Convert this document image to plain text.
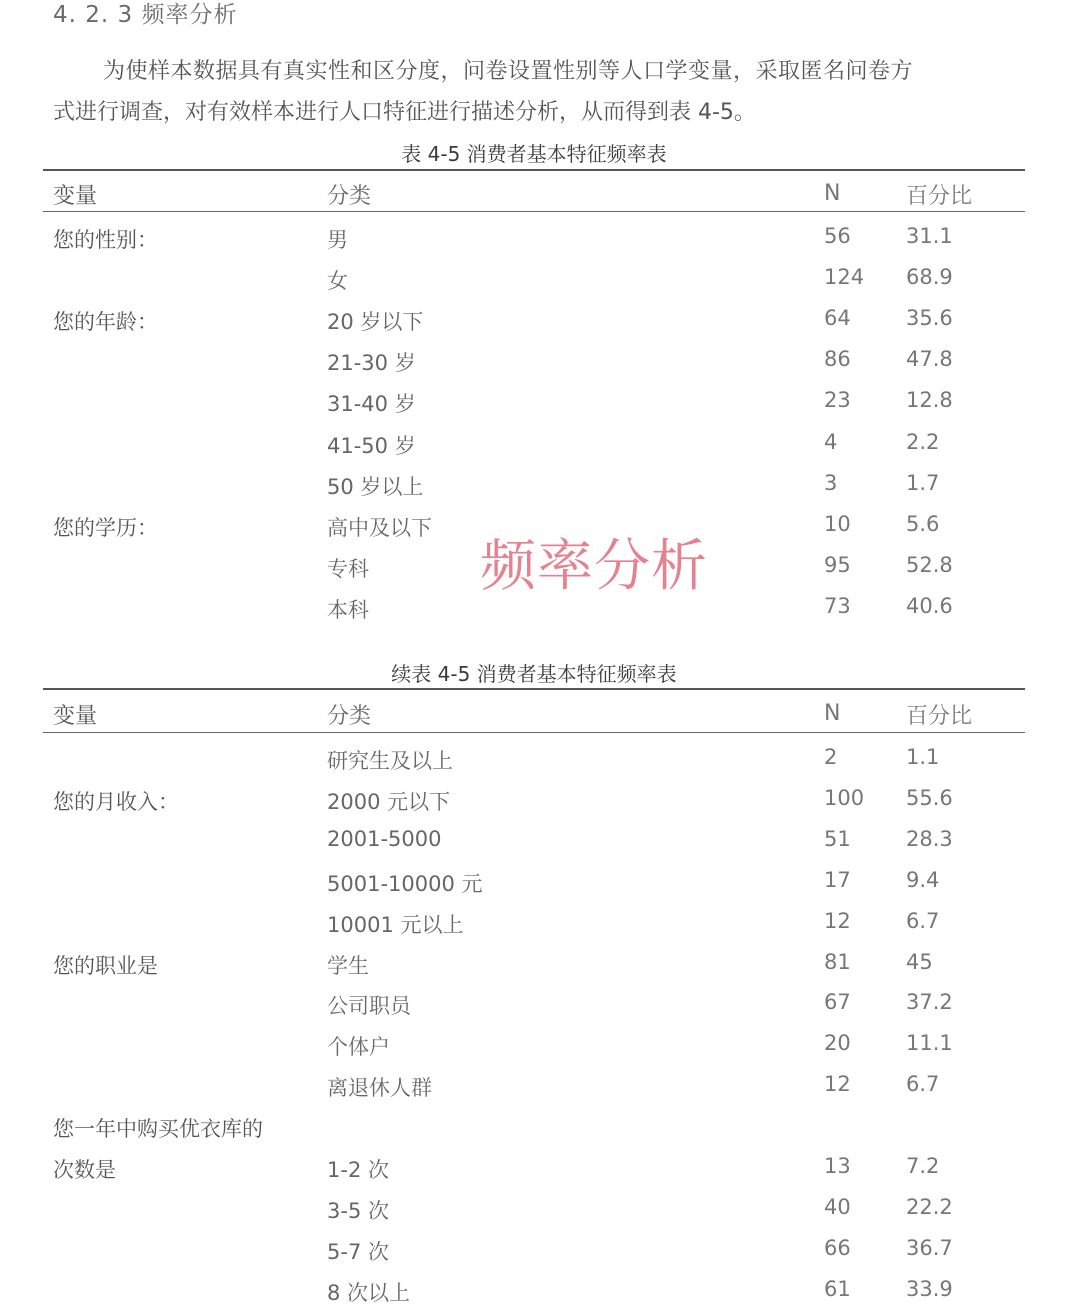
4. 2. 3 频率分析
为使样本数据具有真实性和区分度，问卷设置性别等人口学变量，采取匿名问卷方
式进行调查，对有效样本进行人口特征进行描述分析，从而得到表 4-5。
表 4-5 消费者基本特征频率表
变量	分类	N	百分比
您的性别：	男	56	31.1
女	124 68.9
您的年龄：	20 岁以下	64	35.6
21-30 岁	86	47.8
31-40 岁	23	12.8
41-50 岁	4	2.2
50 岁以上	3	1.7
您的学历：	高中及以下	10	5.6
专科	95	52.8
本科	73	40.6
频率分析
续表 4-5 消费者基本特征频率表
变量	分类	N	百分比
研究生及以上	2	1.1
您的月收入：	2000 元以下	100 55.6
2001-5000	51	28.3
5001-10000 元	17	9.4
10001 元以上	12	6.7
您的职业是	学生	81	45
公司职员	67	37.2
个体户	20	11.1
离退休人群	12	6.7
您一年中购买优衣库的
次数是	1-2 次	13	7.2
3-5 次	40	22.2
5-7 次	66	36.7
8 次以上	61	33.9
